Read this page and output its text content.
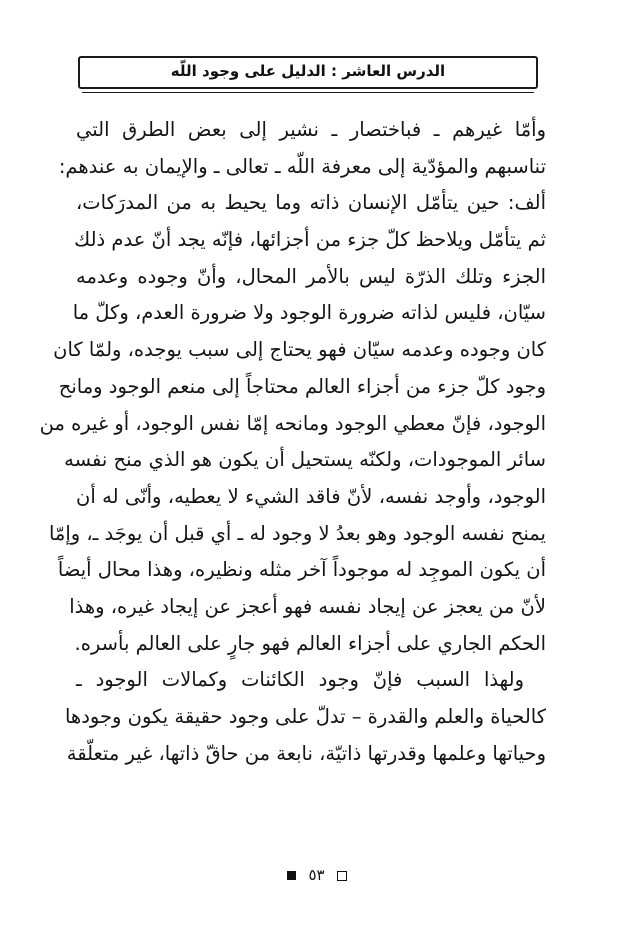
الدرس العاشر : الدليل على وجود اللّه
وأمّا غيرهم ـ فباختصار ـ نشير إلى بعض الطرق التي
تناسبهم والمؤدّية إلى معرفة اللّه ـ تعالى ـ والإيمان به عندهم:
ألف: حين يتأمّل الإنسان ذاته وما يحيط به من المدرَكات،
ثم يتأمّل ويلاحظ كلّ جزء من أجزائها، فإنّه يجد أنّ عدم ذلك
الجزء وتلك الذرّة ليس بالأمر المحال، وأنّ وجوده وعدمه
سيّان، فليس لذاته ضرورة الوجود ولا ضرورة العدم، وكلّ ما
كان وجوده وعدمه سيّان فهو يحتاج إلى سبب يوجده، ولمّا كان
وجود كلّ جزء من أجزاء العالم محتاجاً إلى منعم الوجود ومانح
الوجود، فإنّ معطي الوجود ومانحه إمّا نفس الوجود، أو غيره من
سائر الموجودات، ولكنّه يستحيل أن يكون هو الذي منح نفسه
الوجود، وأوجد نفسه، لأنّ فاقد الشيء لا يعطيه، وأنّى له أن
يمنح نفسه الوجود وهو بعدُ لا وجود له ـ أي قبل أن يوجَد ـ، وإمّا
أن يكون الموجِد له موجوداً آخر مثله ونظيره، وهذا محال أيضاً
لأنّ من يعجز عن إيجاد نفسه فهو أعجز عن إيجاد غيره، وهذا
الحكم الجاري على أجزاء العالم فهو جارٍ على العالم بأسره.
ولهذا السبب فإنّ وجود الكائنات وكمالات الوجود ـ
كالحياة والعلم والقدرة – تدلّ على وجود حقيقة يكون وجودها
وحياتها وعلمها وقدرتها ذاتيّة، نابعة من حاقّ ذاتها، غير متعلّقة
٥٣
